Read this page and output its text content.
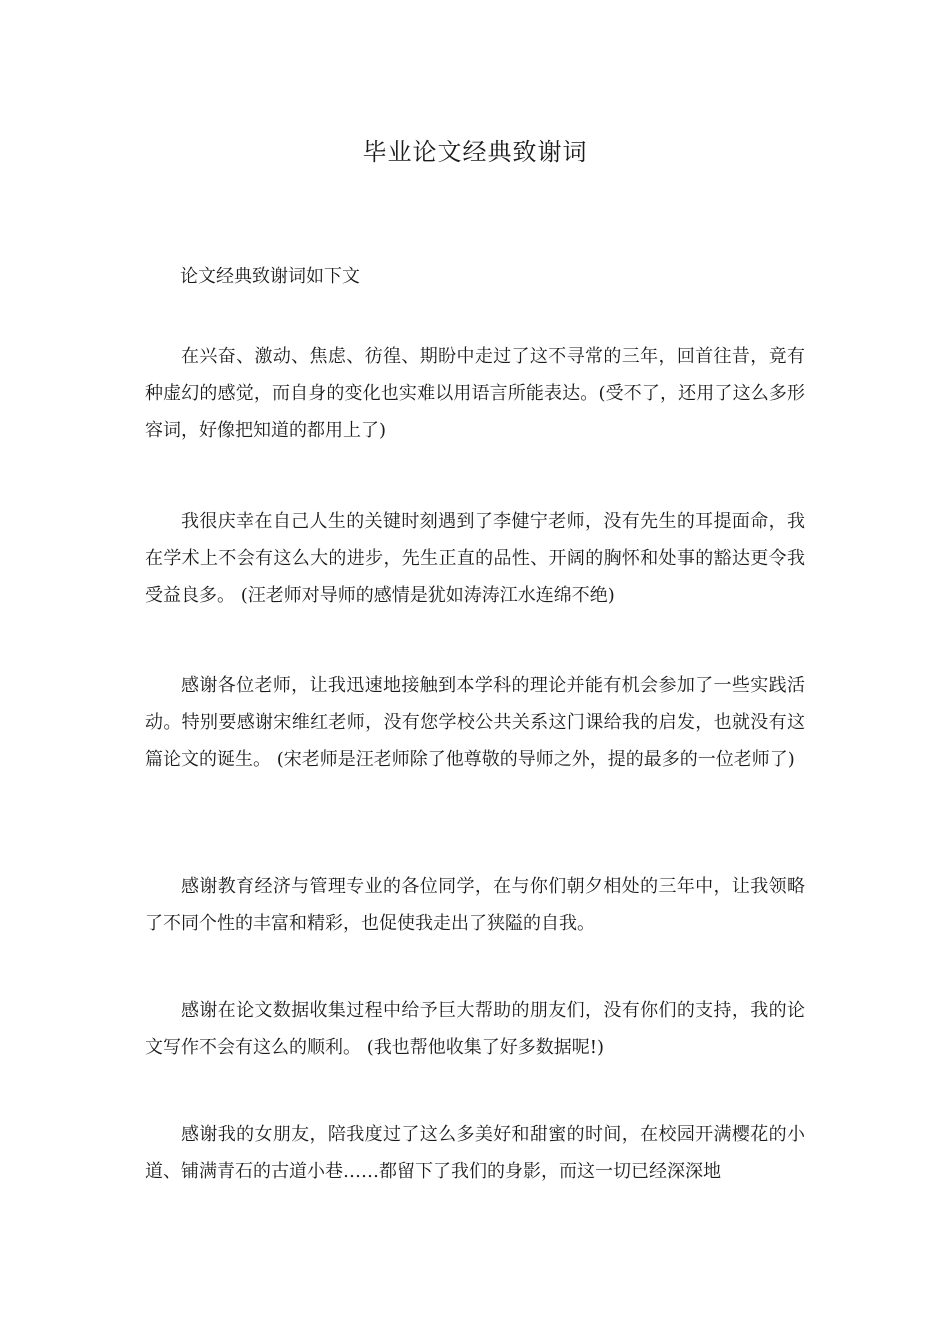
毕业论文经典致谢词
论文经典致谢词如下文

在兴奋、激动、焦虑、彷徨、期盼中走过了这不寻常的三年，回首往昔，竟有种虚幻的感觉，而自身的变化也实难以用语言所能表达。(受不了，还用了这么多形容词，好像把知道的都用上了)

我很庆幸在自己人生的关键时刻遇到了李健宁老师，没有先生的耳提面命，我在学术上不会有这么大的进步，先生正直的品性、开阔的胸怀和处事的豁达更令我受益良多。 (汪老师对导师的感情是犹如涛涛江水连绵不绝)

感谢各位老师，让我迅速地接触到本学科的理论并能有机会参加了一些实践活动。特别要感谢宋维红老师，没有您学校公共关系这门课给我的启发，也就没有这篇论文的诞生。 (宋老师是汪老师除了他尊敬的导师之外，提的最多的一位老师了)

感谢教育经济与管理专业的各位同学，在与你们朝夕相处的三年中，让我领略了不同个性的丰富和精彩，也促使我走出了狭隘的自我。

感谢在论文数据收集过程中给予巨大帮助的朋友们，没有你们的支持，我的论文写作不会有这么的顺利。 (我也帮他收集了好多数据呢!)

感谢我的女朋友，陪我度过了这么多美好和甜蜜的时间，在校园开满樱花的小道、铺满青石的古道小巷……都留下了我们的身影，而这一切已经深深地
